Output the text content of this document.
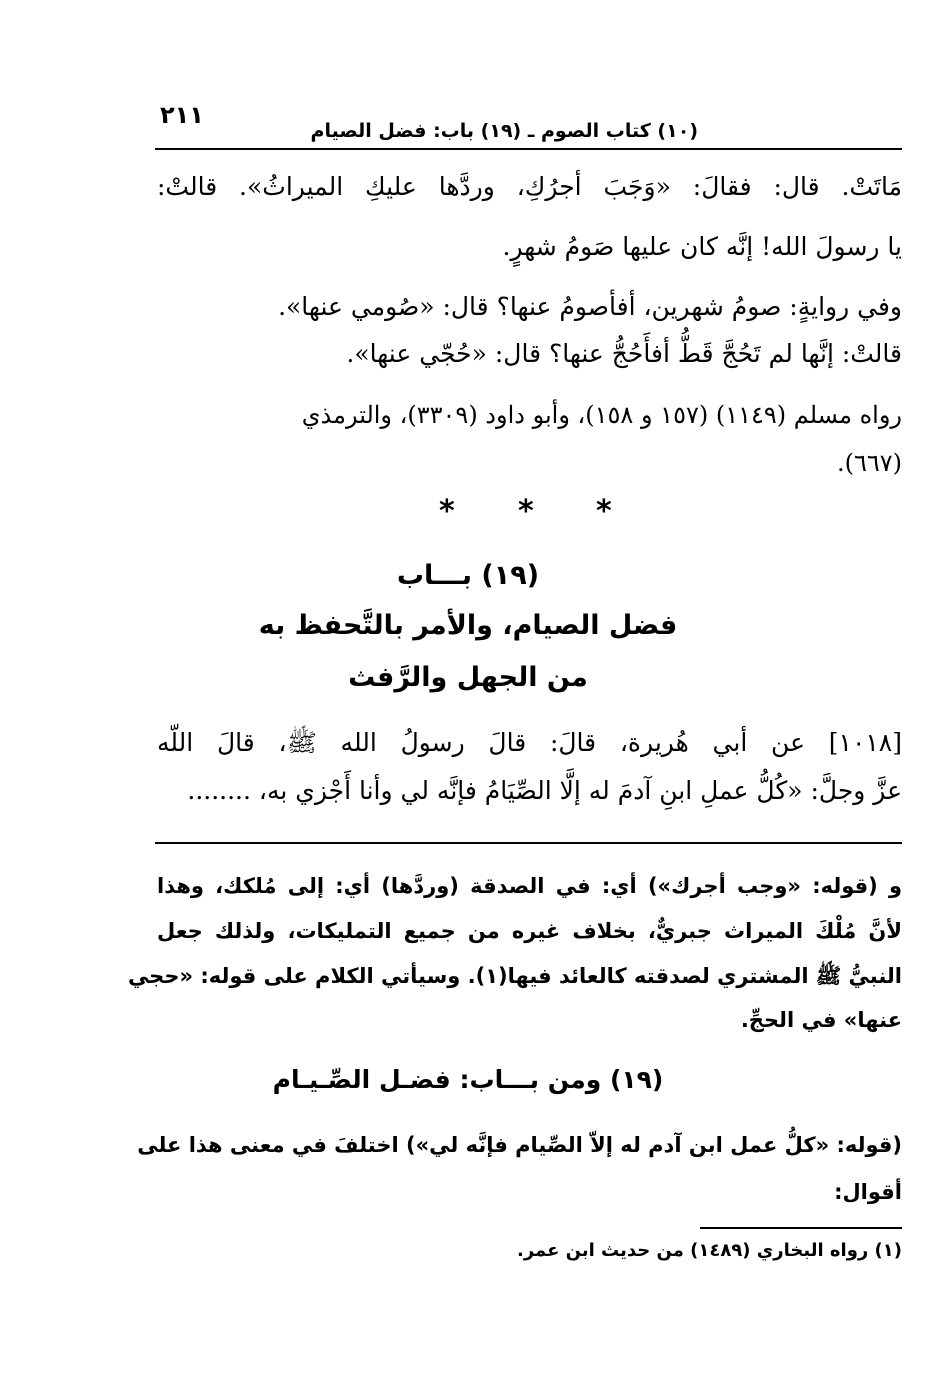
٢١١
(١٠) كتاب الصوم ـ (١٩) باب: فضل الصيام
مَاتَتْ. قال: فقالَ: «وَجَبَ أجرُكِ، وردَّها عليكِ الميراثُ». قالتْ:
يا رسولَ الله! إنَّه كان عليها صَومُ شهرٍ.
وفي روايةٍ: صومُ شهرين، أفأصومُ عنها؟ قال: «صُومي عنها».
قالتْ: إنَّها لم تَحُجَّ قَطُّ أفأَحُجُّ عنها؟ قال: «حُجّي عنها».
رواه مسلم (١١٤٩) (١٥٧ و ١٥٨)، وأبو داود (٣٣٠٩)، والترمذي
(٦٦٧).
*
*
*
(١٩) بـــاب
فضل الصيام، والأمر بالتَّحفظ به
من الجهل والرَّفث
[١٠١٨] عن أبي هُريرة، قالَ: قالَ رسولُ الله ﷺ، قالَ اللّه
عزَّ وجلَّ: «كُلُّ عملِ ابنِ آدمَ له إلَّا الصِّيَامُ فإنَّه لي وأنا أَجْزي به، ........
و (قوله: «وجب أجرك») أي: في الصدقة (وردَّها) أي: إلى مُلكك، وهذا
لأنَّ مُلْكَ الميراث جبريٌّ، بخلاف غيره من جميع التمليكات، ولذلك جعل
النبيُّ ﷺ المشتري لصدقته كالعائد فيها(١). وسيأتي الكلام على قوله: «حجي
عنها» في الحجِّ.
(١٩) ومن بـــاب: فضـل الصِّـيـام
(قوله: «كلُّ عمل ابن آدم له إلاّ الصِّيام فإنَّه لي») اختلفَ في معنى هذا على
أقوال:
(١) رواه البخاري (١٤٨٩) من حديث ابن عمر.
